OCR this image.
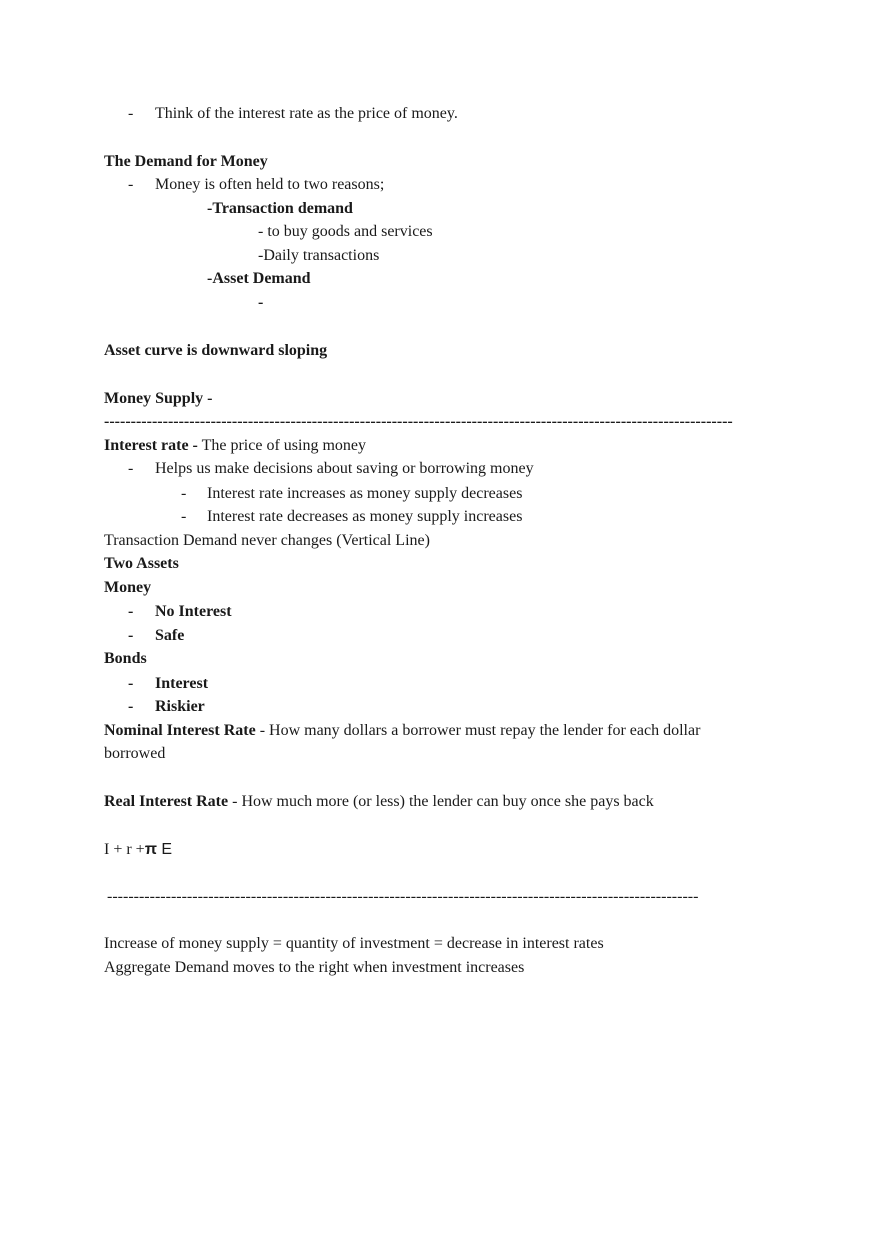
- Think of the interest rate as the price of money.
The Demand for Money
- Money is often held to two reasons;
-Transaction demand
- to buy goods and services
-Daily transactions
-Asset Demand
-
Asset curve is downward sloping
Money Supply -
----------------------------------------------------------------------------------------------------------------------
Interest rate - The price of using money
- Helps us make decisions about saving or borrowing money
- Interest rate increases as money supply decreases
- Interest rate decreases as money supply increases
Transaction Demand never changes (Vertical Line)
Two Assets
Money
- No Interest
- Safe
Bonds
- Interest
- Riskier
Nominal Interest Rate - How many dollars a borrower must repay the lender for each dollar
borrowed
Real Interest Rate - How much more (or less) the lender can buy once she pays back
I + r +π E
---------------------------------------------------------------------------------------------------------------
Increase of money supply = quantity of investment = decrease in interest rates
Aggregate Demand moves to the right when investment increases
